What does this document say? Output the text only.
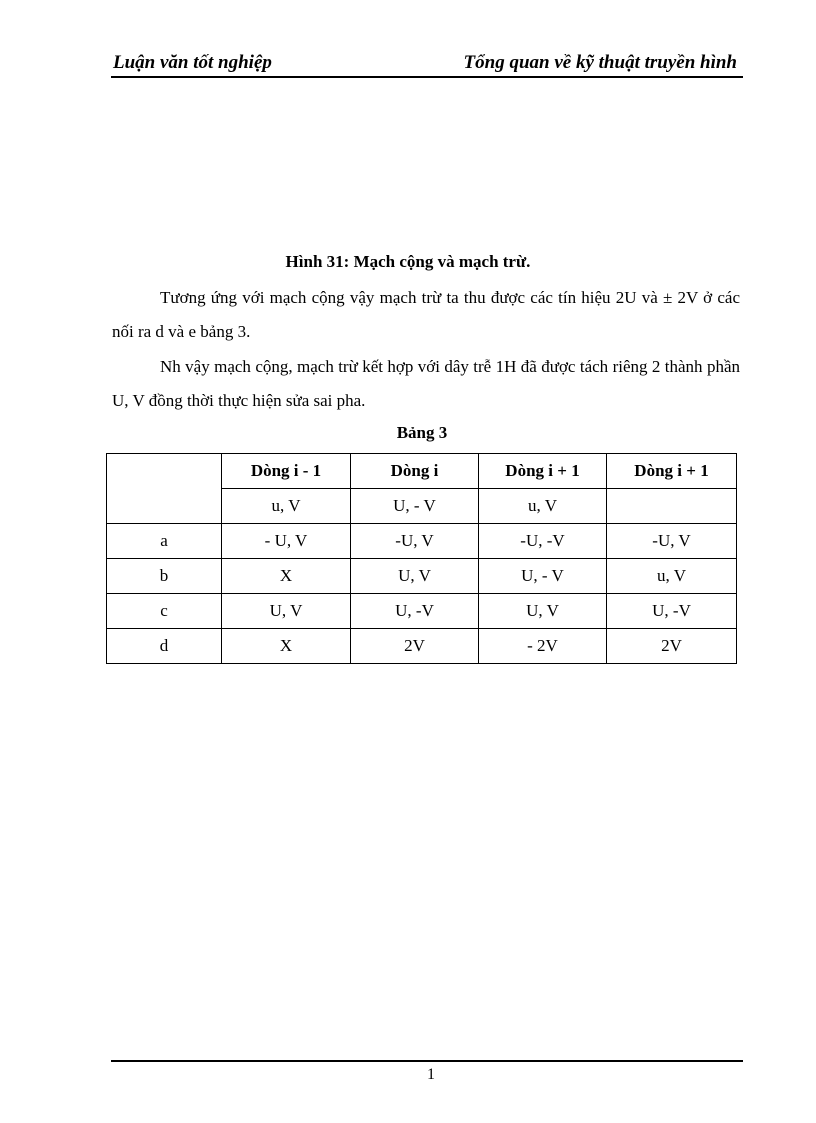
Luận văn tốt nghiệp	Tổng quan về kỹ thuật truyền hình
Hình 31: Mạch cộng và mạch trừ.
Tương ứng với mạch cộng vậy mạch trừ ta thu được các tín hiệu 2U và ± 2V ở các nối ra d và e bảng 3.
Nh vậy mạch cộng, mạch trừ kết hợp với dây trễ 1H đã được tách riêng 2 thành phần U, V đồng thời thực hiện sửa sai pha.
Bảng 3
	Dòng i - 1	Dòng i	Dòng i + 1	Dòng i + 1
	u, V	U, - V	u, V	
a	- U, V	-U, V	-U, -V	-U, V
b	X	U, V	U, - V	u, V
c	U, V	U, -V	U, V	U, -V
d	X	2V	- 2V	2V
1
